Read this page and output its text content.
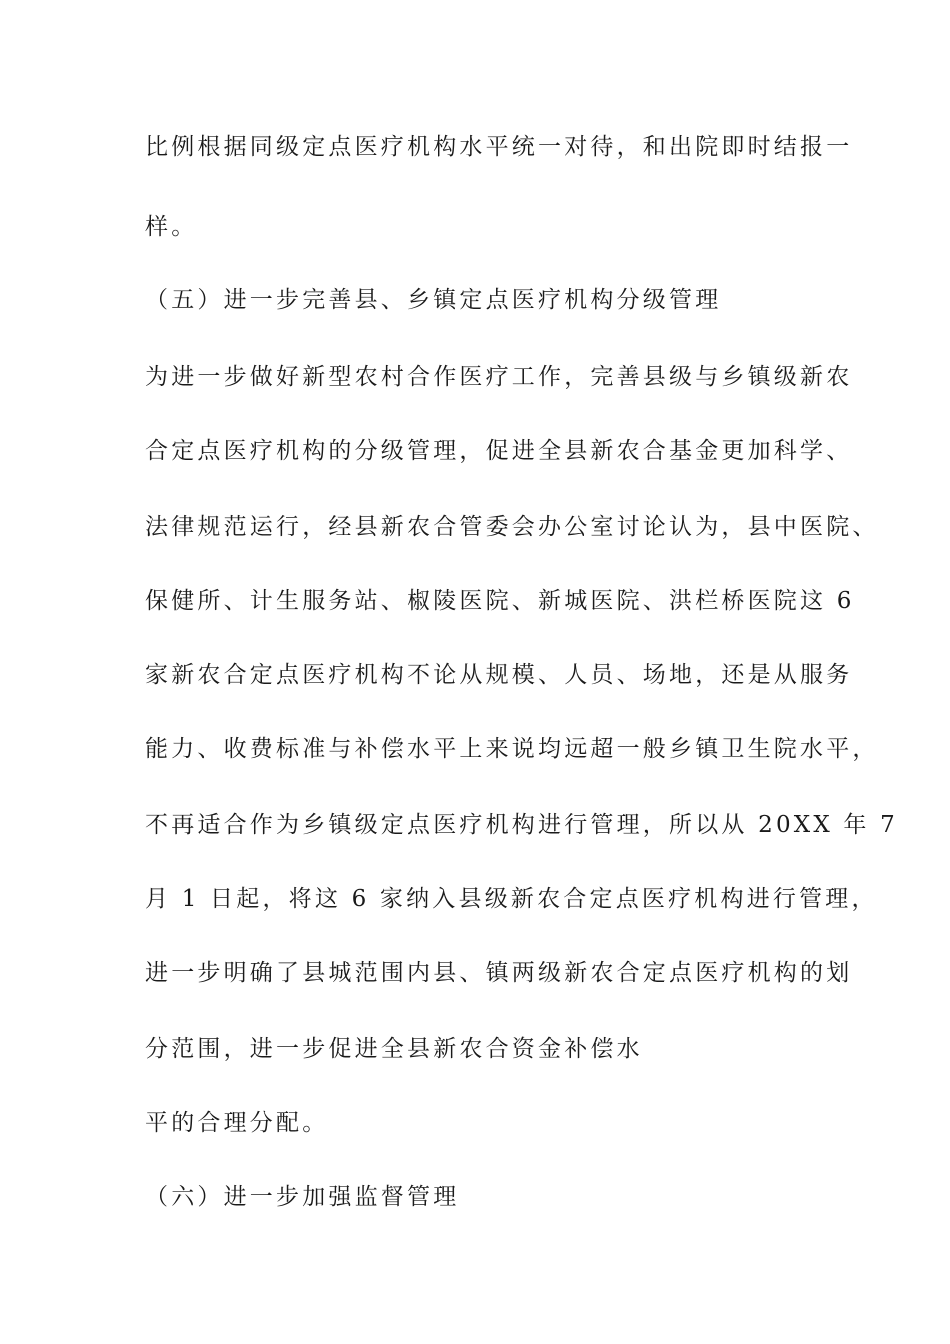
比例根据同级定点医疗机构水平统一对待，和出院即时结报一
样。
（五）进一步完善县、乡镇定点医疗机构分级管理
为进一步做好新型农村合作医疗工作，完善县级与乡镇级新农
合定点医疗机构的分级管理，促进全县新农合基金更加科学、
法律规范运行，经县新农合管委会办公室讨论认为，县中医院、
保健所、计生服务站、椒陵医院、新城医院、洪栏桥医院这 6
家新农合定点医疗机构不论从规模、人员、场地，还是从服务
能力、收费标准与补偿水平上来说均远超一般乡镇卫生院水平，
不再适合作为乡镇级定点医疗机构进行管理，所以从 20XX 年 7
月 1 日起，将这 6 家纳入县级新农合定点医疗机构进行管理，
进一步明确了县城范围内县、镇两级新农合定点医疗机构的划
分范围，进一步促进全县新农合资金补偿水
平的合理分配。
（六）进一步加强监督管理
